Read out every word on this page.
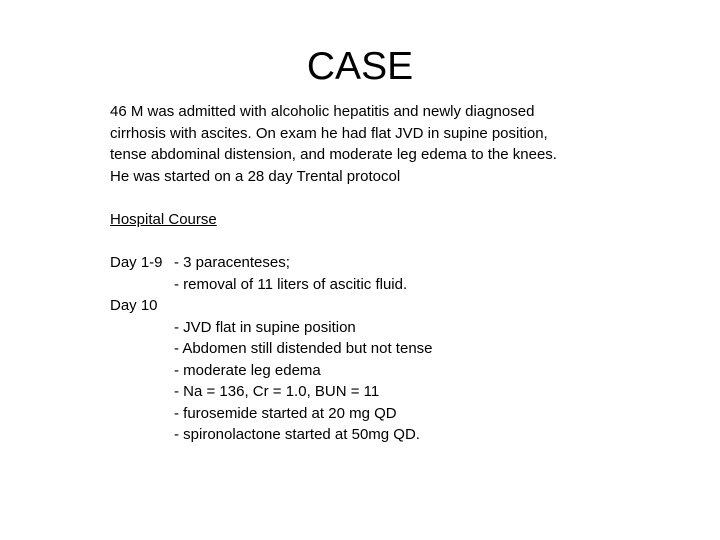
CASE
46 M was admitted with alcoholic hepatitis and newly diagnosed
cirrhosis with ascites. On exam he had flat JVD in supine position,
tense abdominal distension, and moderate leg edema to the knees.
He was started on a 28 day Trental protocol
Hospital Course
Day 1-9 - 3 paracenteses;
- removal of 11 liters of ascitic fluid.
Day 10
- JVD flat in supine position
- Abdomen still distended but not tense
- moderate leg edema
- Na = 136, Cr = 1.0, BUN = 11
- furosemide started at 20 mg QD
- spironolactone started at 50mg QD.
